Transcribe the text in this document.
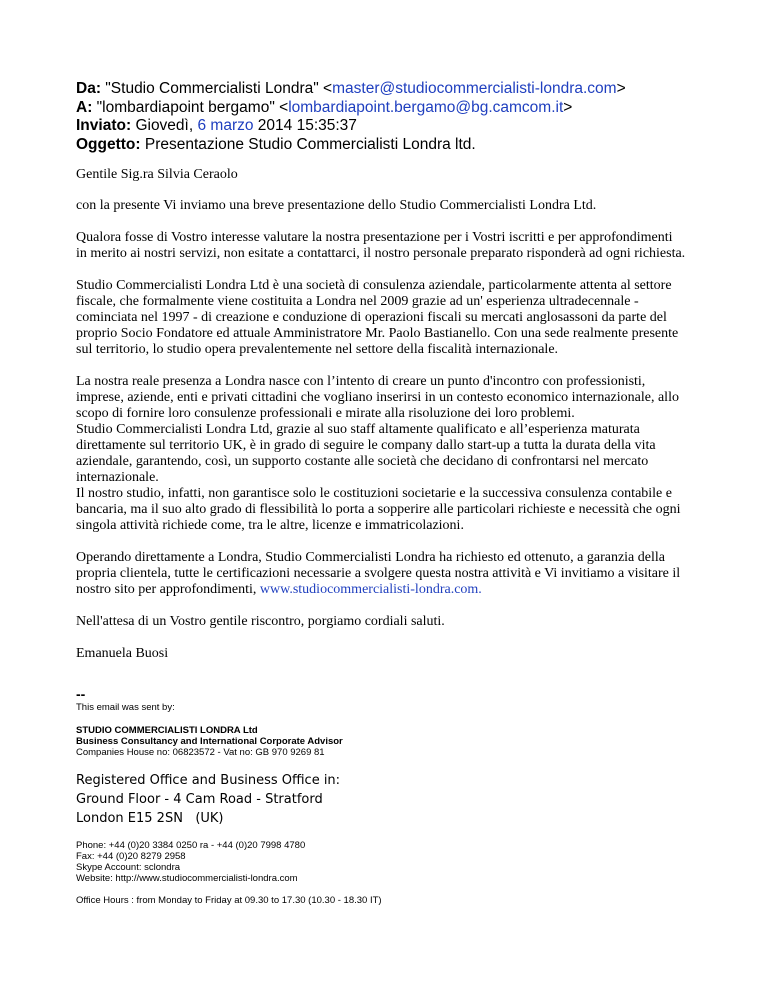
Da: "Studio Commercialisti Londra" <master@studiocommercialisti-londra.com>
A: "lombardiapoint bergamo" <lombardiapoint.bergamo@bg.camcom.it>
Inviato: Giovedì, 6 marzo 2014 15:35:37
Oggetto: Presentazione Studio Commercialisti Londra ltd.

Gentile Sig.ra Silvia Ceraolo

con la presente Vi inviamo una breve presentazione dello Studio Commercialisti Londra Ltd.

Qualora fosse di Vostro interesse valutare la nostra presentazione per i Vostri iscritti e per approfondimenti

in merito ai nostri servizi, non esitate a contattarci, il nostro personale preparato risponderà ad ogni richiesta.

Studio Commercialisti Londra Ltd è una società di consulenza aziendale, particolarmente attenta al settore

fiscale, che formalmente viene costituita a Londra nel 2009 grazie ad un' esperienza ultradecennale -

cominciata nel 1997 - di creazione e conduzione di operazioni fiscali su mercati anglosassoni da parte del

proprio Socio Fondatore ed attuale Amministratore Mr. Paolo Bastianello. Con una sede realmente presente

sul territorio, lo studio opera prevalentemente nel settore della fiscalità internazionale.

La nostra reale presenza a Londra nasce con l’intento di creare un punto d'incontro con professionisti,

imprese, aziende, enti e privati cittadini che vogliano inserirsi in un contesto economico internazionale, allo

scopo di fornire loro consulenze professionali e mirate alla risoluzione dei loro problemi.

Studio Commercialisti Londra Ltd, grazie al suo staff altamente qualificato e all’esperienza maturata

direttamente sul territorio UK, è in grado di seguire le company dallo start-up a tutta la durata della vita

aziendale, garantendo, così, un supporto costante alle società che decidano di confrontarsi nel mercato

internazionale.

Il nostro studio, infatti, non garantisce solo le costituzioni societarie e la successiva consulenza contabile e

bancaria, ma il suo alto grado di flessibilità lo porta a sopperire alle particolari richieste e necessità che ogni

singola attività richiede come, tra le altre, licenze e immatricolazioni.

Operando direttamente a Londra, Studio Commercialisti Londra ha richiesto ed ottenuto, a garanzia della

propria clientela, tutte le certificazioni necessarie a svolgere questa nostra attività e Vi invitiamo a visitare il

nostro sito per approfondimenti, www.studiocommercialisti-londra.com.

Nell'attesa di un Vostro gentile riscontro, porgiamo cordiali saluti.

Emanuela Buosi

--

This email was sent by:

STUDIO COMMERCIALISTI LONDRA Ltd

Business Consultancy and International Corporate Advisor

Companies House no: 06823572 - Vat no: GB 970 9269 81

Registered Office and Business Office in:
Ground Floor - 4 Cam Road - Stratford
London E15 2SN   (UK)

Phone: +44 (0)20 3384 0250 ra - +44 (0)20 7998 4780

Fax: +44 (0)20 8279 2958

Skype Account: sclondra

Website: http://www.studiocommercialisti-londra.com

Office Hours : from Monday to Friday at 09.30 to 17.30 (10.30 - 18.30 IT)
